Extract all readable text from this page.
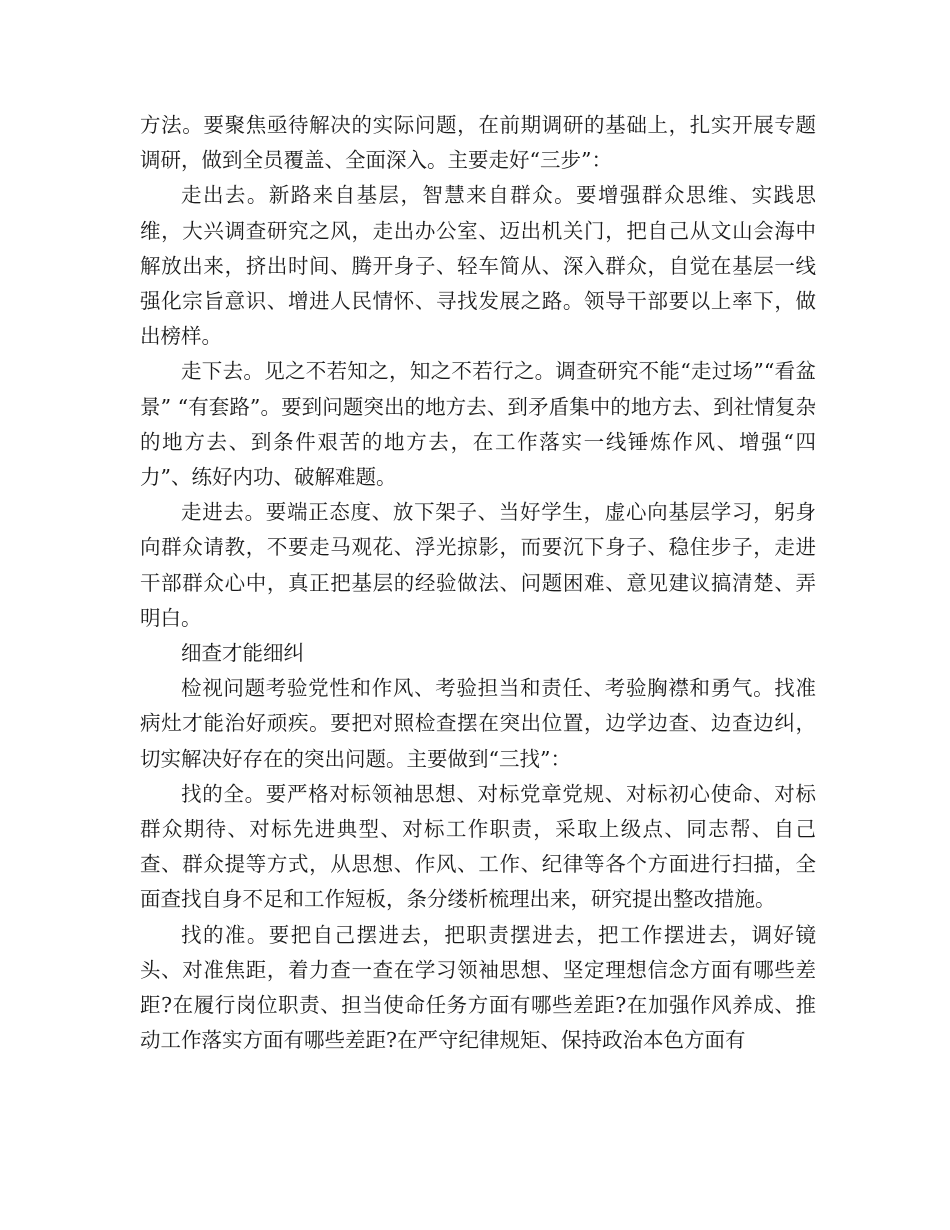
方法。要聚焦亟待解决的实际问题，在前期调研的基础上，扎实开展专题调研，做到全员覆盖、全面深入。主要走好“三步”：

走出去。新路来自基层，智慧来自群众。要增强群众思维、实践思维，大兴调查研究之风，走出办公室、迈出机关门，把自己从文山会海中解放出来，挤出时间、腾开身子、轻车简从、深入群众，自觉在基层一线强化宗旨意识、增进人民情怀、寻找发展之路。领导干部要以上率下，做出榜样。

走下去。见之不若知之，知之不若行之。调查研究不能“走过场”“看盆景” “有套路”。要到问题突出的地方去、到矛盾集中的地方去、到社情复杂的地方去、到条件艰苦的地方去，在工作落实一线锤炼作风、增强“四力”、练好内功、破解难题。

走进去。要端正态度、放下架子、当好学生，虚心向基层学习，躬身向群众请教，不要走马观花、浮光掠影，而要沉下身子、稳住步子，走进干部群众心中，真正把基层的经验做法、问题困难、意见建议搞清楚、弄明白。

细查才能细纠

检视问题考验党性和作风、考验担当和责任、考验胸襟和勇气。找准病灶才能治好顽疾。要把对照检查摆在突出位置，边学边查、边查边纠，切实解决好存在的突出问题。主要做到“三找”：

找的全。要严格对标领袖思想、对标党章党规、对标初心使命、对标群众期待、对标先进典型、对标工作职责，采取上级点、同志帮、自己查、群众提等方式，从思想、作风、工作、纪律等各个方面进行扫描，全面查找自身不足和工作短板，条分缕析梳理出来，研究提出整改措施。

找的准。要把自己摆进去，把职责摆进去，把工作摆进去，调好镜头、对准焦距，着力查一查在学习领袖思想、坚定理想信念方面有哪些差距?在履行岗位职责、担当使命任务方面有哪些差距?在加强作风养成、推动工作落实方面有哪些差距?在严守纪律规矩、保持政治本色方面有
